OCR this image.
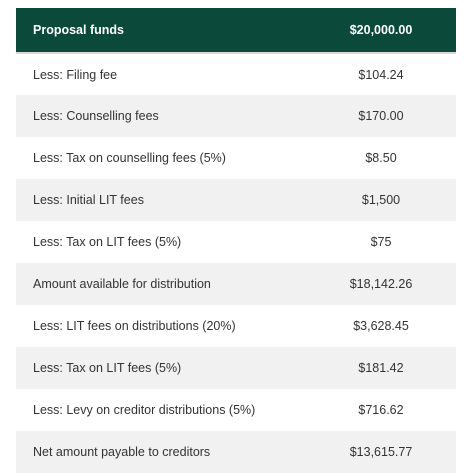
Proposal funds	$20,000.00
Less: Filing fee	$104.24
Less: Counselling fees	$170.00
Less: Tax on counselling fees (5%)	$8.50
Less: Initial LIT fees	$1,500
Less: Tax on LIT fees (5%)	$75
Amount available for distribution	$18,142.26
Less: LIT fees on distributions (20%)	$3,628.45
Less: Tax on LIT fees (5%)	$181.42
Less: Levy on creditor distributions (5%)	$716.62
Net amount payable to creditors	$13,615.77
